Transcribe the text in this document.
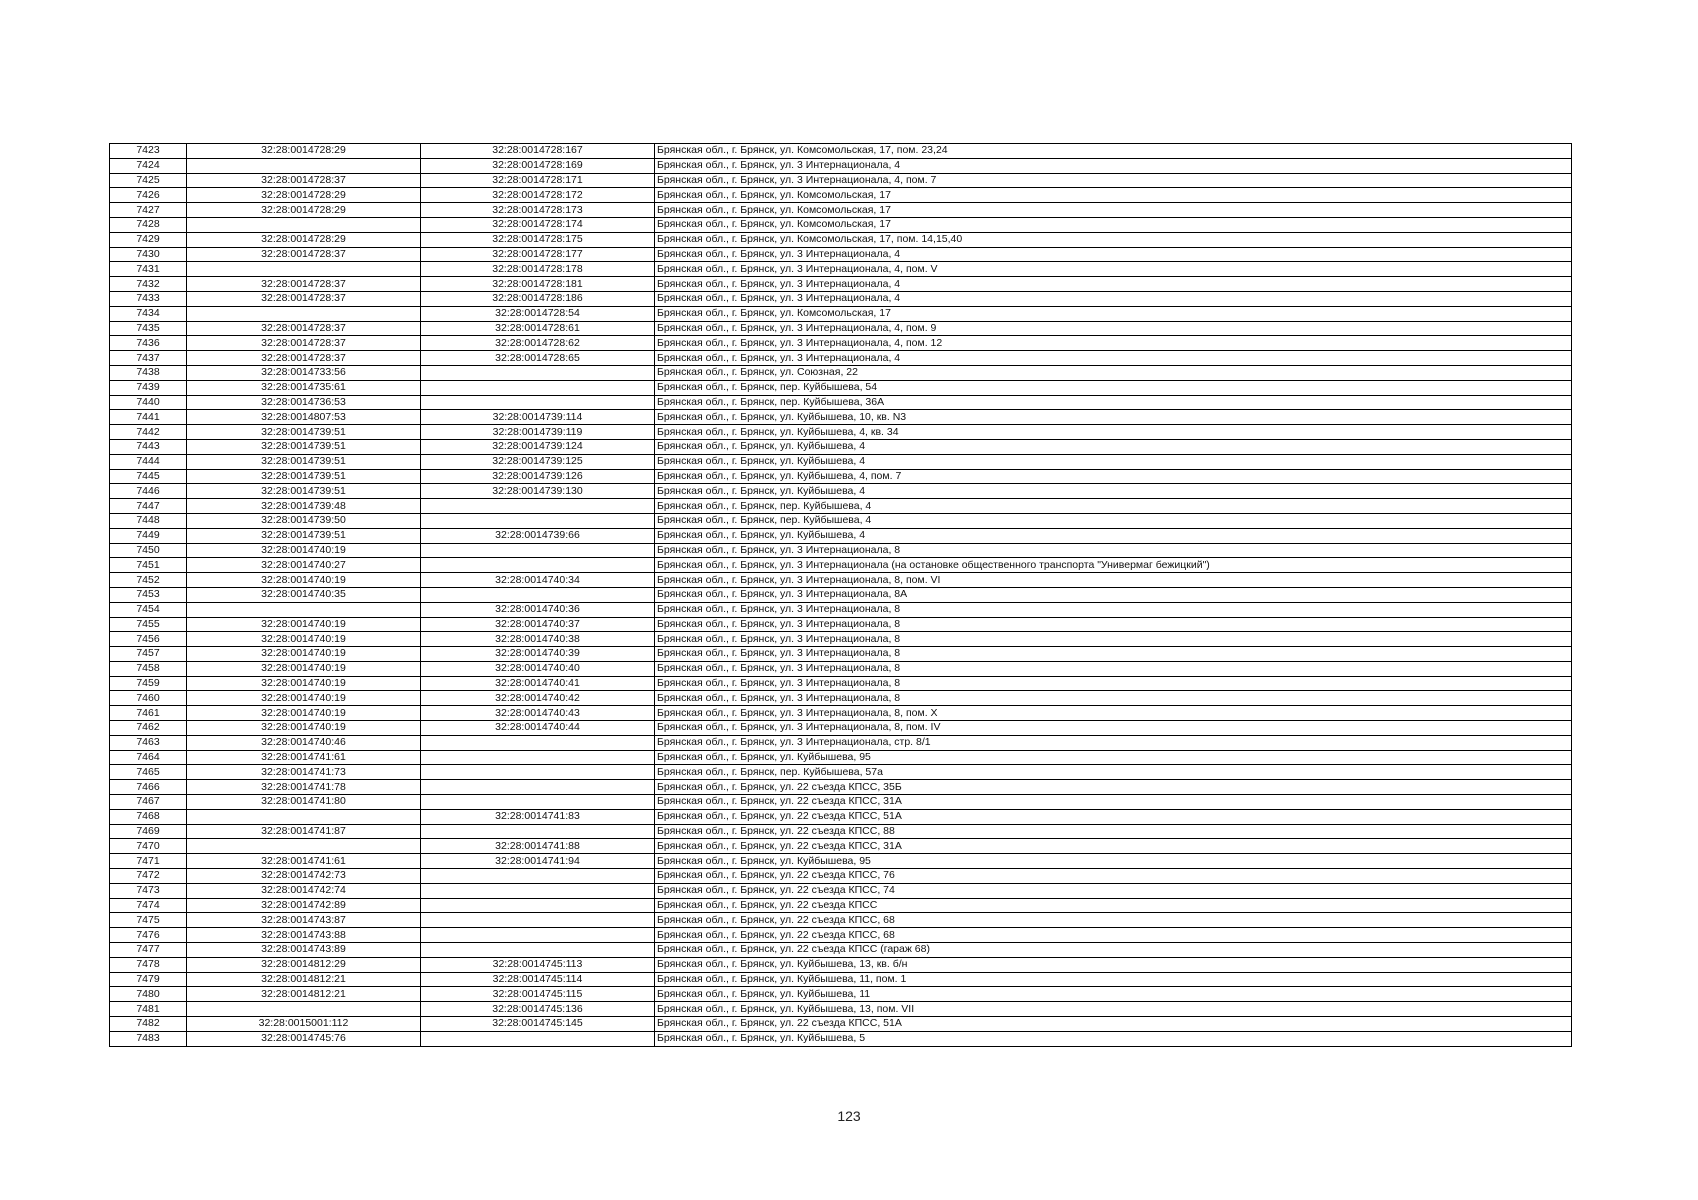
7423	32:28:0014728:29	32:28:0014728:167	Брянская обл., г. Брянск, ул. Комсомольская, 17, пом. 23,24
7424		32:28:0014728:169	Брянская обл., г. Брянск, ул. 3 Интернационала, 4
7425	32:28:0014728:37	32:28:0014728:171	Брянская обл., г. Брянск, ул. 3 Интернационала, 4, пом. 7
7426	32:28:0014728:29	32:28:0014728:172	Брянская обл., г. Брянск, ул. Комсомольская, 17
7427	32:28:0014728:29	32:28:0014728:173	Брянская обл., г. Брянск, ул. Комсомольская, 17
7428		32:28:0014728:174	Брянская обл., г. Брянск, ул. Комсомольская, 17
7429	32:28:0014728:29	32:28:0014728:175	Брянская обл., г. Брянск, ул. Комсомольская, 17, пом. 14,15,40
7430	32:28:0014728:37	32:28:0014728:177	Брянская обл., г. Брянск, ул. 3 Интернационала, 4
7431		32:28:0014728:178	Брянская обл., г. Брянск, ул. 3 Интернационала, 4, пом. V
7432	32:28:0014728:37	32:28:0014728:181	Брянская обл., г. Брянск, ул. 3 Интернационала, 4
7433	32:28:0014728:37	32:28:0014728:186	Брянская обл., г. Брянск, ул. 3 Интернационала, 4
7434		32:28:0014728:54	Брянская обл., г. Брянск, ул. Комсомольская, 17
7435	32:28:0014728:37	32:28:0014728:61	Брянская обл., г. Брянск, ул. 3 Интернационала, 4, пом. 9
7436	32:28:0014728:37	32:28:0014728:62	Брянская обл., г. Брянск, ул. 3 Интернационала, 4, пом. 12
7437	32:28:0014728:37	32:28:0014728:65	Брянская обл., г. Брянск, ул. 3 Интернационала, 4
7438	32:28:0014733:56		Брянская обл., г. Брянск, ул. Союзная, 22
7439	32:28:0014735:61		Брянская обл., г. Брянск, пер. Куйбышева, 54
7440	32:28:0014736:53		Брянская обл., г. Брянск, пер. Куйбышева, 36А
7441	32:28:0014807:53	32:28:0014739:114	Брянская обл., г. Брянск, ул. Куйбышева, 10, кв. N3
7442	32:28:0014739:51	32:28:0014739:119	Брянская обл., г. Брянск, ул. Куйбышева, 4, кв. 34
7443	32:28:0014739:51	32:28:0014739:124	Брянская обл., г. Брянск, ул. Куйбышева, 4
7444	32:28:0014739:51	32:28:0014739:125	Брянская обл., г. Брянск, ул. Куйбышева, 4
7445	32:28:0014739:51	32:28:0014739:126	Брянская обл., г. Брянск, ул. Куйбышева, 4, пом. 7
7446	32:28:0014739:51	32:28:0014739:130	Брянская обл., г. Брянск, ул. Куйбышева, 4
7447	32:28:0014739:48		Брянская обл., г. Брянск, пер. Куйбышева, 4
7448	32:28:0014739:50		Брянская обл., г. Брянск, пер. Куйбышева, 4
7449	32:28:0014739:51	32:28:0014739:66	Брянская обл., г. Брянск, ул. Куйбышева, 4
7450	32:28:0014740:19		Брянская обл., г. Брянск, ул. 3 Интернационала, 8
7451	32:28:0014740:27		Брянская обл., г. Брянск, ул. 3 Интернационала (на остановке общественного транспорта "Универмаг бежицкий")
7452	32:28:0014740:19	32:28:0014740:34	Брянская обл., г. Брянск, ул. 3 Интернационала, 8, пом. VI
7453	32:28:0014740:35		Брянская обл., г. Брянск, ул. 3 Интернационала, 8А
7454		32:28:0014740:36	Брянская обл., г. Брянск, ул. 3 Интернационала, 8
7455	32:28:0014740:19	32:28:0014740:37	Брянская обл., г. Брянск, ул. 3 Интернационала, 8
7456	32:28:0014740:19	32:28:0014740:38	Брянская обл., г. Брянск, ул. 3 Интернационала, 8
7457	32:28:0014740:19	32:28:0014740:39	Брянская обл., г. Брянск, ул. 3 Интернационала, 8
7458	32:28:0014740:19	32:28:0014740:40	Брянская обл., г. Брянск, ул. 3 Интернационала, 8
7459	32:28:0014740:19	32:28:0014740:41	Брянская обл., г. Брянск, ул. 3 Интернационала, 8
7460	32:28:0014740:19	32:28:0014740:42	Брянская обл., г. Брянск, ул. 3 Интернационала, 8
7461	32:28:0014740:19	32:28:0014740:43	Брянская обл., г. Брянск, ул. 3 Интернационала, 8, пом. X
7462	32:28:0014740:19	32:28:0014740:44	Брянская обл., г. Брянск, ул. 3 Интернационала, 8, пом. IV
7463	32:28:0014740:46		Брянская обл., г. Брянск, ул. 3 Интернационала, стр. 8/1
7464	32:28:0014741:61		Брянская обл., г. Брянск, ул. Куйбышева, 95
7465	32:28:0014741:73		Брянская обл., г. Брянск, пер. Куйбышева, 57а
7466	32:28:0014741:78		Брянская обл., г. Брянск, ул. 22 съезда КПСС, 35Б
7467	32:28:0014741:80		Брянская обл., г. Брянск, ул. 22 съезда КПСС, 31А
7468		32:28:0014741:83	Брянская обл., г. Брянск, ул. 22 съезда КПСС, 51А
7469	32:28:0014741:87		Брянская обл., г. Брянск, ул. 22 съезда КПСС, 88
7470		32:28:0014741:88	Брянская обл., г. Брянск, ул. 22 съезда КПСС, 31А
7471	32:28:0014741:61	32:28:0014741:94	Брянская обл., г. Брянск, ул. Куйбышева, 95
7472	32:28:0014742:73		Брянская обл., г. Брянск, ул. 22 съезда КПСС, 76
7473	32:28:0014742:74		Брянская обл., г. Брянск, ул. 22 съезда КПСС, 74
7474	32:28:0014742:89		Брянская обл., г. Брянск, ул. 22 съезда КПСС
7475	32:28:0014743:87		Брянская обл., г. Брянск, ул. 22 съезда КПСС, 68
7476	32:28:0014743:88		Брянская обл., г. Брянск, ул. 22 съезда КПСС, 68
7477	32:28:0014743:89		Брянская обл., г. Брянск, ул. 22 съезда КПСС (гараж 68)
7478	32:28:0014812:29	32:28:0014745:113	Брянская обл., г. Брянск, ул. Куйбышева, 13, кв. б/н
7479	32:28:0014812:21	32:28:0014745:114	Брянская обл., г. Брянск, ул. Куйбышева, 11, пом. 1
7480	32:28:0014812:21	32:28:0014745:115	Брянская обл., г. Брянск, ул. Куйбышева, 11
7481		32:28:0014745:136	Брянская обл., г. Брянск, ул. Куйбышева, 13, пом. VII
7482	32:28:0015001:112	32:28:0014745:145	Брянская обл., г. Брянск, ул. 22 съезда КПСС, 51А
7483	32:28:0014745:76		Брянская обл., г. Брянск, ул. Куйбышева, 5
123
